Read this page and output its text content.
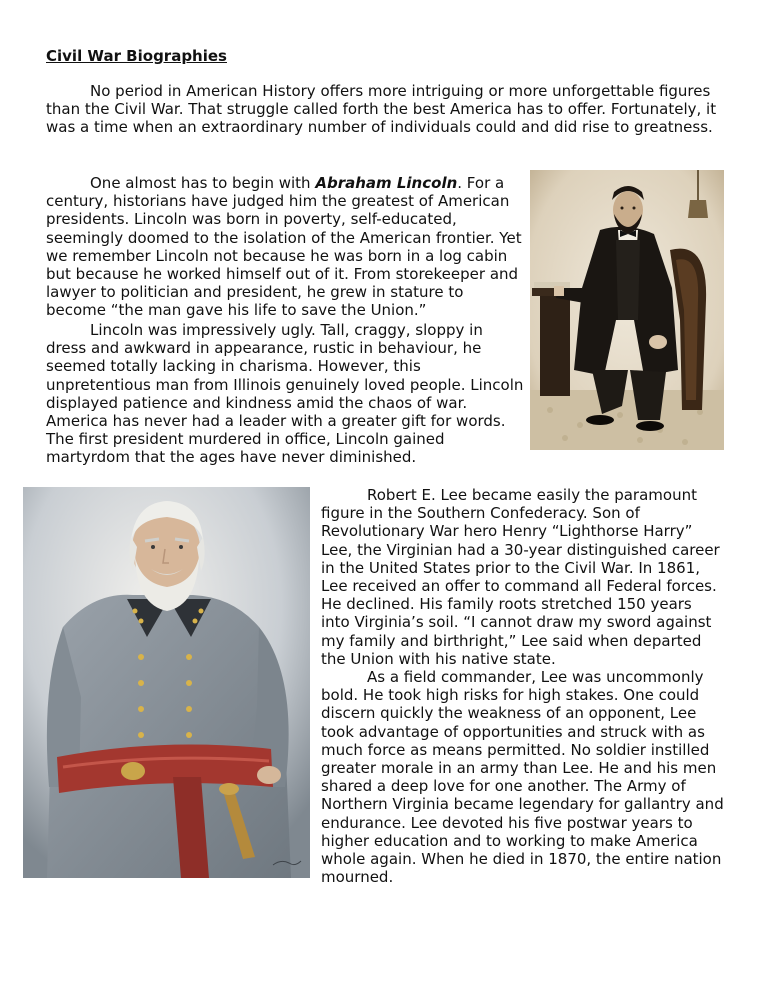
Civil War Biographies

No period in American History offers more intriguing or more unforgettable figures than the Civil War. That struggle called forth the best America has to offer. Fortunately, it was a time when an extraordinary number of individuals could and did rise to greatness.

One almost has to begin with Abraham Lincoln. For a century, historians have judged him the greatest of American presidents. Lincoln was born in poverty, self-educated, seemingly doomed to the isolation of the American frontier. Yet we remember Lincoln not because he was born in a log cabin but because he worked himself out of it. From storekeeper and lawyer to politician and president, he grew in stature to become “the man gave his life to save the Union.”

Lincoln was impressively ugly. Tall, craggy, sloppy in dress and awkward in appearance, rustic in behaviour, he seemed totally lacking in charisma. However, this unpretentious man from Illinois genuinely loved people. Lincoln displayed patience and kindness amid the chaos of war. America has never had a leader with a greater gift for words. The first president murdered in office, Lincoln gained martyrdom that the ages have never diminished.

Robert E. Lee became easily the paramount figure in the Southern Confederacy. Son of Revolutionary War hero Henry “Lighthorse Harry” Lee, the Virginian had a 30-year distinguished career in the United States prior to the Civil War. In 1861, Lee received an offer to command all Federal forces. He declined. His family roots stretched 150 years into Virginia’s soil. “I cannot draw my sword against my family and birthright,” Lee said when departed the Union with his native state.

As a field commander, Lee was uncommonly bold. He took high risks for high stakes. One could discern quickly the weakness of an opponent, Lee took advantage of opportunities and struck with as much force as means permitted. No soldier instilled greater morale in an army than Lee. He and his men shared a deep love for one another. The Army of Northern Virginia became legendary for gallantry and endurance. Lee devoted his five postwar years to higher education and to working to make America whole again. When he died in 1870, the entire nation mourned.
